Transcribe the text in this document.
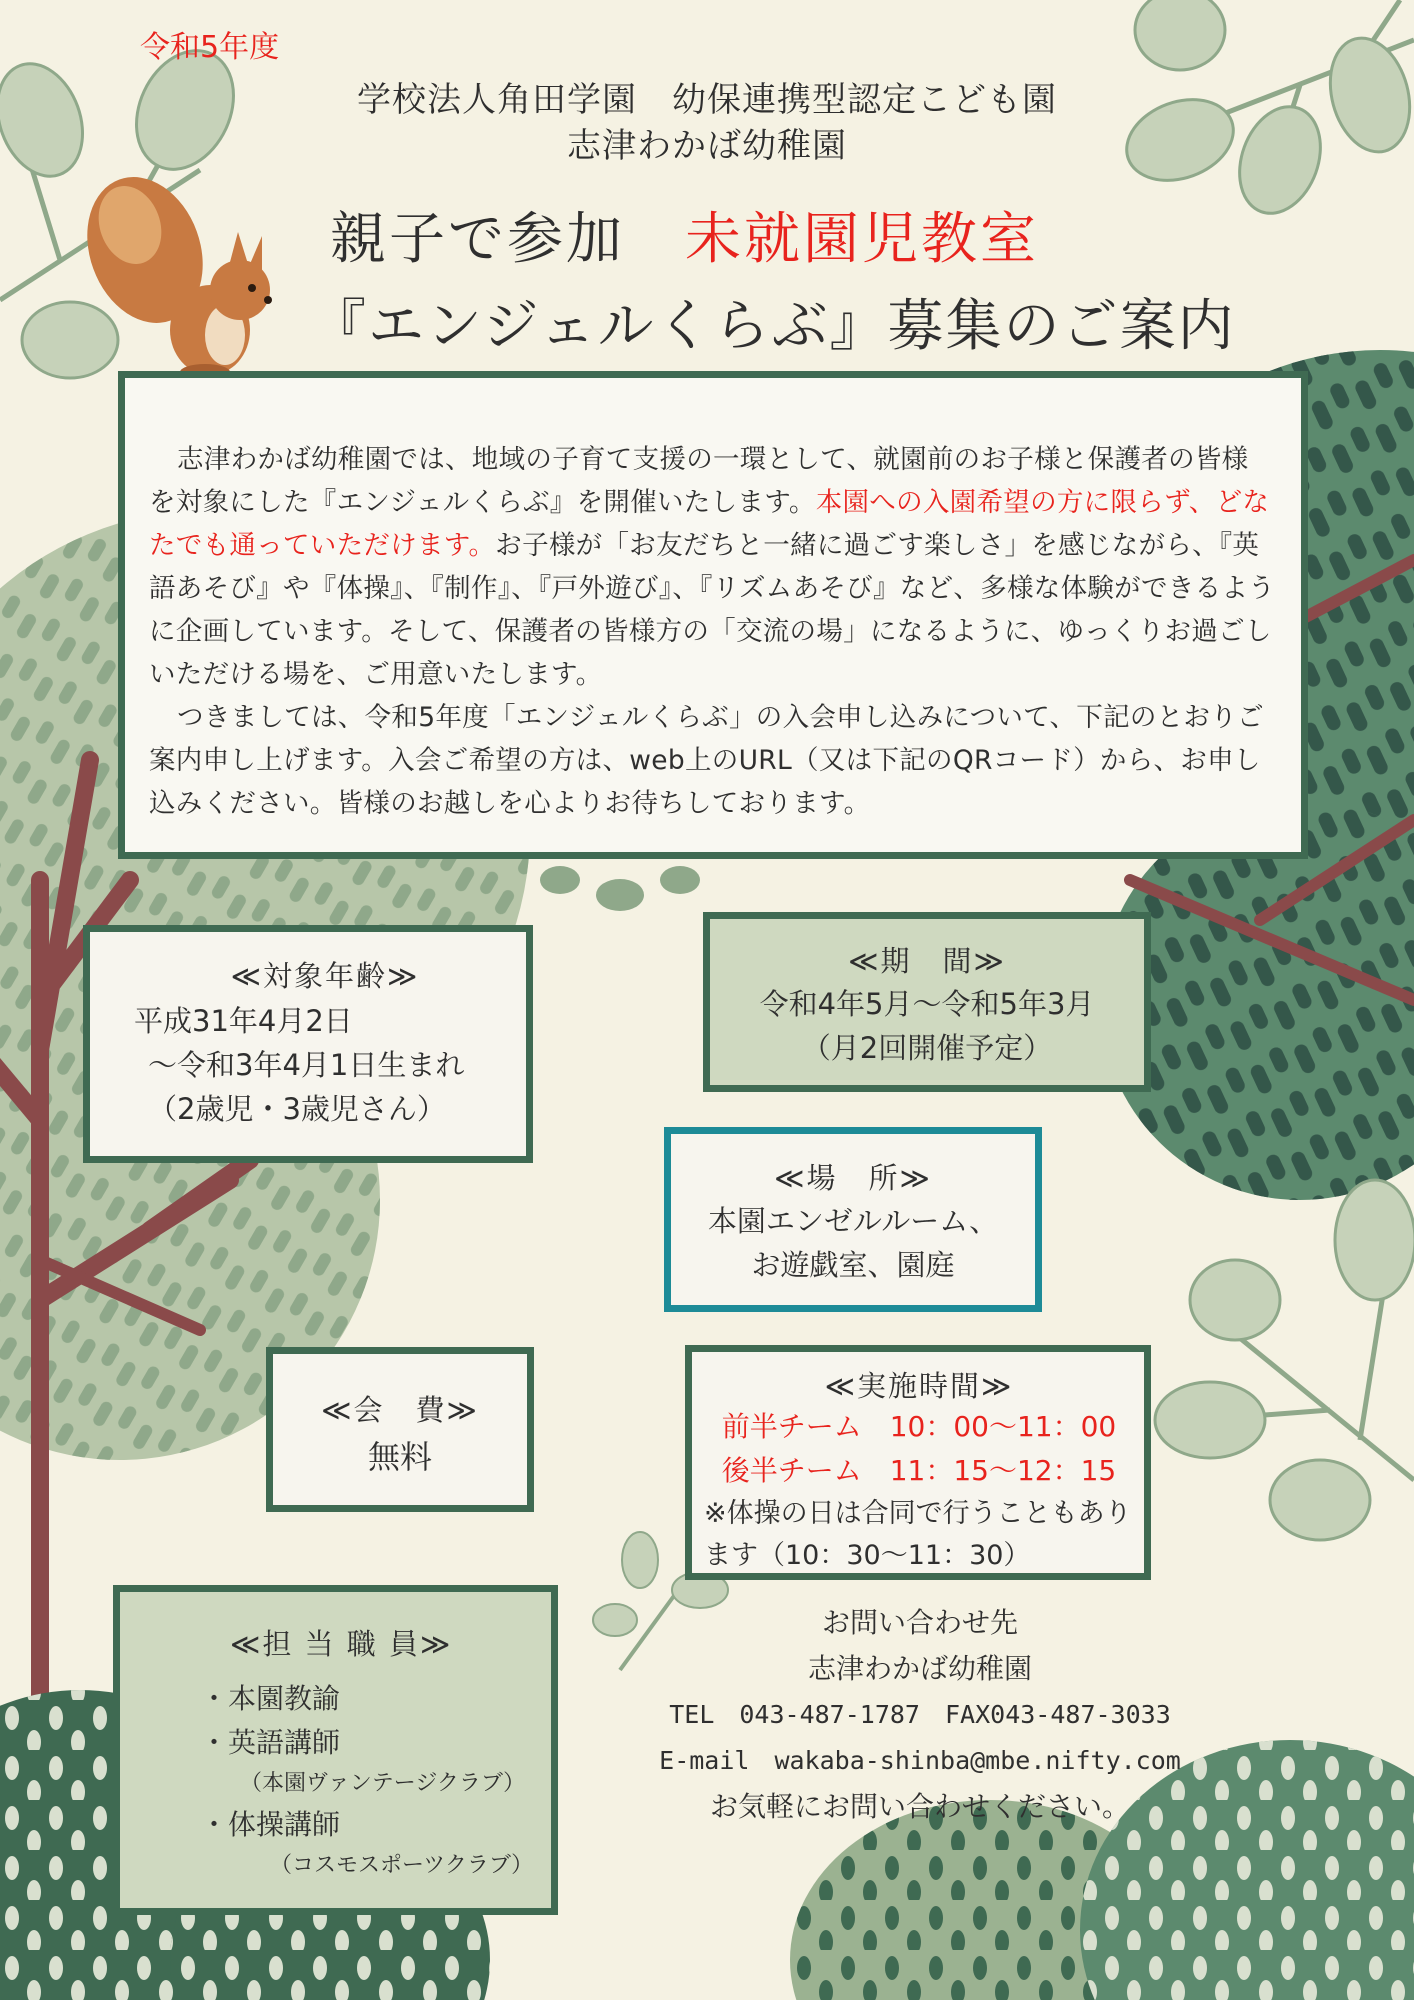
令和5年度
学校法人角田学園　幼保連携型認定こども園
志津わかば幼稚園
親子で参加 未就園児教室
『エンジェルくらぶ』募集のご案内

志津わかば幼稚園では、地域の子育て支援の一環として、就園前のお子様と保護者の皆様を対象にした『エンジェルくらぶ』を開催いたします。本園への入園希望の方に限らず、どなたでも通っていただけます。お子様が「お友だちと一緒に過ごす楽しさ」を感じながら、『英語あそび』や『体操』、『制作』、『戸外遊び』、『リズムあそび』など、多様な体験ができるように企画しています。そして、保護者の皆様方の「交流の場」になるように、ゆっくりお過ごしいただける場を、ご用意いたします。

つきましては、令和5年度「エンジェルくらぶ」の入会申し込みについて、下記のとおりご案内申し上げます。入会ご希望の方は、web上のURL（又は下記のQRコード）から、お申し込みください。皆様のお越しを心よりお待ちしております。

≪対象年齢≫
平成31年4月2日
～令和3年4月1日生まれ
（2歳児・3歳児さん）
≪期　間≫
令和4年5月～令和5年3月
（月2回開催予定）
≪場　所≫
本園エンゼルルーム、
お遊戯室、園庭
≪会　費≫
無料
≪実施時間≫
前半チーム　10：00～11：00
後半チーム　11：15～12：15
※体操の日は合同で行うこともあります（10：30～11：30）
≪担 当 職 員≫
・本園教諭
・英語講師
（本園ヴァンテージクラブ）
・体操講師
（コスモスポーツクラブ）
お問い合わせ先
志津わかば幼稚園
TEL　043-487-1787　FAX043-487-3033
E-mail　wakaba-shinba@mbe.nifty.com
お気軽にお問い合わせください。
